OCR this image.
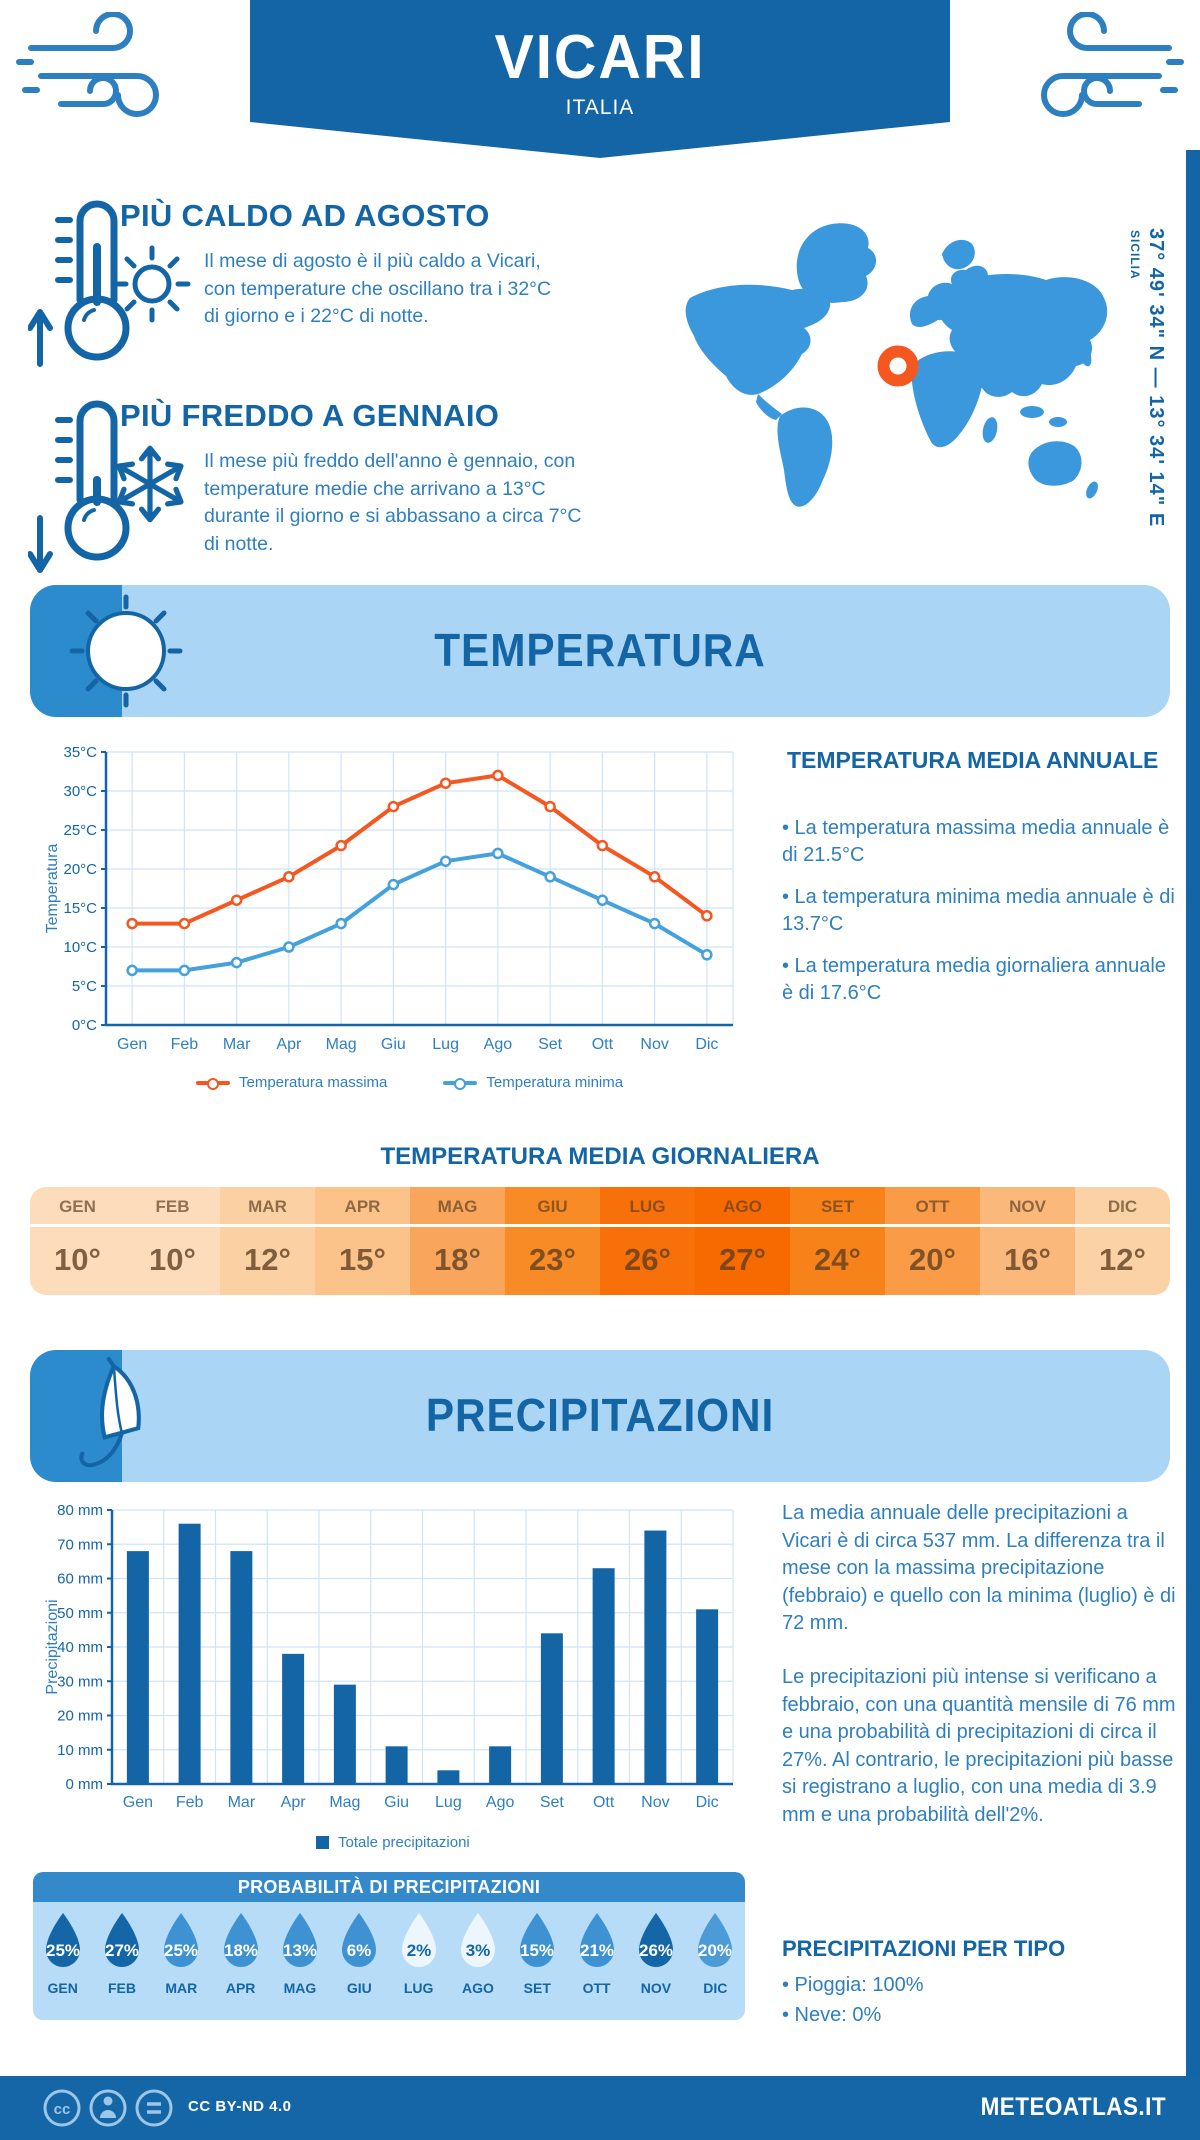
VICARI
ITALIA
PIÙ CALDO AD AGOSTO
Il mese di agosto è il più caldo a Vicari, con temperature che oscillano tra i 32°C di giorno e i 22°C di notte.
PIÙ FREDDO A GENNAIO
Il mese più freddo dell'anno è gennaio, con temperature medie che arrivano a 13°C durante il giorno e si abbassano a circa 7°C di notte.
37° 49' 34" N — 13° 34' 14" E SICILIA
TEMPERATURA
0°C
5°C
10°C
15°C
20°C
25°C
30°C
35°C
Temperatura
Gen Feb Mar Apr Mag Giu Lug Ago Set Ott Nov Dic
Temperatura massima	Temperatura minima
TEMPERATURA MEDIA ANNUALE
• La temperatura massima media annuale è di 21.5°C
• La temperatura minima media annuale è di 13.7°C
• La temperatura media giornaliera annuale è di 17.6°C
TEMPERATURA MEDIA GIORNALIERA
GEN
10°
FEB
10°
MAR
12°
APR
15°
MAG
18°
GIU
23°
LUG
26°
AGO
27°
SET
24°
OTT
20°
NOV
16°
DIC
12°
PRECIPITAZIONI
0 mm
10 mm
20 mm
30 mm
40 mm
50 mm
60 mm
70 mm
80 mm
Precipitazioni
Gen Feb Mar Apr Mag Giu Lug Ago Set Ott Nov Dic
Totale precipitazioni

La media annuale delle precipitazioni a Vicari è di circa 537 mm. La differenza tra il mese con la massima precipitazione (febbraio) e quello con la minima (luglio) è di 72 mm.

Le precipitazioni più intense si verificano a febbraio, con una quantità mensile di 76 mm e una probabilità di precipitazioni di circa il 27%. Al contrario, le precipitazioni più basse si registrano a luglio, con una media di 3.9 mm e una probabilità dell'2%.

PROBABILITÀ DI PRECIPITAZIONI
25%
GEN
27%
FEB
25%
MAR
18%
APR
13%
MAG
6%
GIU
2%
LUG
3%
AGO
15%
SET
21%
OTT
26%
NOV
20%
DIC
PRECIPITAZIONI PER TIPO
• Pioggia: 100%
• Neve: 0%
cc	CC BY-ND 4.0	METEOATLAS.IT
